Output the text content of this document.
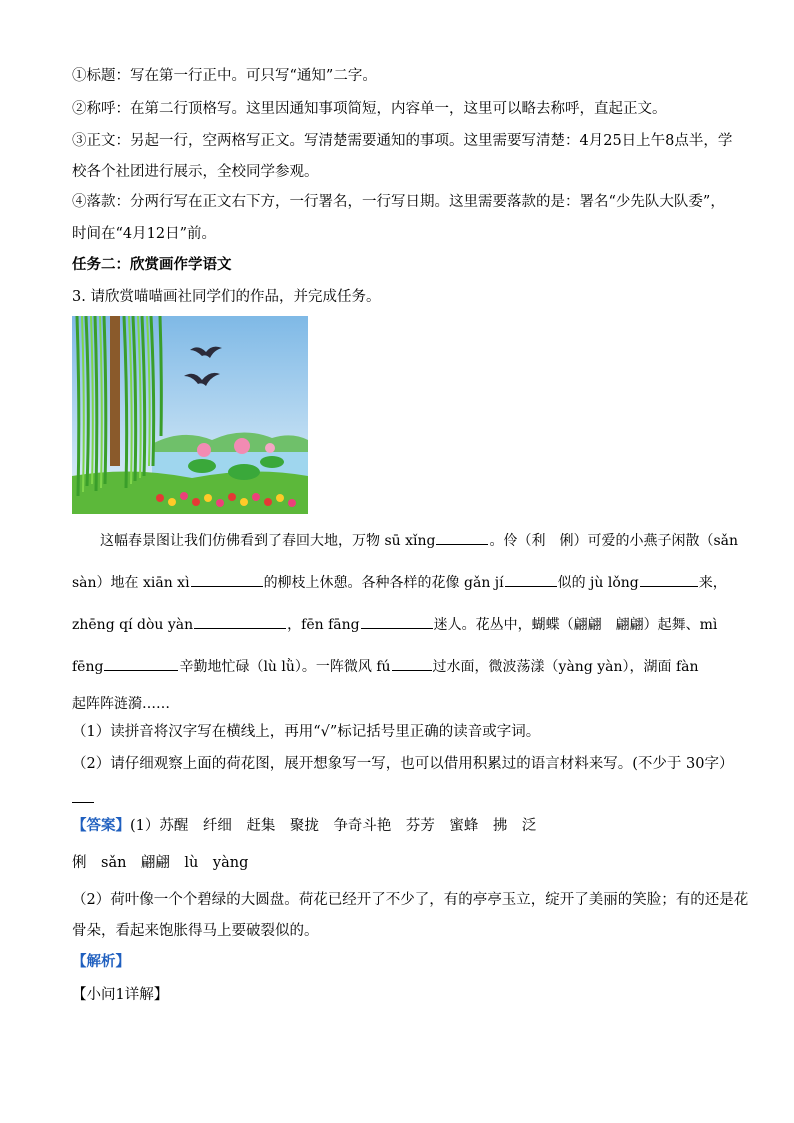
①标题：写在第一行正中。可只写“通知”二字。
②称呼：在第二行顶格写。这里因通知事项简短，内容单一，这里可以略去称呼，直起正文。
③正文：另起一行，空两格写正文。写清楚需要通知的事项。这里需要写清楚：4月25日上午8点半，学
校各个社团进行展示，全校同学参观。
④落款：分两行写在正文右下方，一行署名，一行写日期。这里需要落款的是：署名“少先队大队委”，
时间在“4月12日”前。
任务二：欣赏画作学语文
3. 请欣赏喵喵画社同学们的作品，并完成任务。
这幅春景图让我们仿佛看到了春回大地，万物 sū xǐng	。伶（利　俐）可爱的小燕子闲散（sǎn
sàn）地在 xiān xì	的柳枝上休憩。各种各样的花像 gǎn jí	似的 jù lǒng	来，
zhēng qí dòu yàn	，fēn fāng	迷人。花丛中，蝴蝶（翩翩　翩翩）起舞、mì
fēng	辛勤地忙碌（lù lǜ）。一阵微风 fú	过水面，微波荡漾（yàng yàn），湖面 fàn
起阵阵涟漪……
（1）读拼音将汉字写在横线上，再用“√”标记括号里正确的读音或字词。
（2）请仔细观察上面的荷花图，展开想象写一写，也可以借用积累过的语言材料来写。(不少于 30字）
【答案】(1）苏醒　纤细　赶集　聚拢　争奇斗艳　芬芳　蜜蜂　拂　泛
俐　sǎn　翩翩　lù　yàng
（2）荷叶像一个个碧绿的大圆盘。荷花已经开了不少了，有的亭亭玉立，绽开了美丽的笑脸；有的还是花
骨朵，看起来饱胀得马上要破裂似的。
【解析】
【小问1详解】
